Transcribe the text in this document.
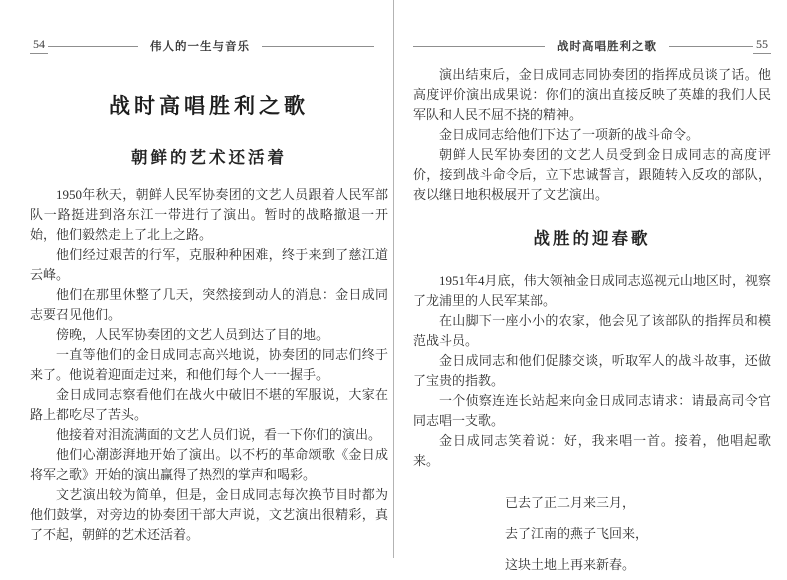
54	伟人的一生与音乐
战时高唱胜利之歌
朝鲜的艺术还活着

1950年秋天，朝鲜人民军协奏团的文艺人员跟着人民军部队一路挺进到洛东江一带进行了演出。暂时的战略撤退一开始，他们毅然走上了北上之路。

他们经过艰苦的行军，克服种种困难，终于来到了慈江道云峰。

他们在那里休整了几天，突然接到动人的消息：金日成同志要召见他们。

傍晚，人民军协奏团的文艺人员到达了目的地。

一直等他们的金日成同志高兴地说，协奏团的同志们终于来了。他说着迎面走过来，和他们每个人一一握手。

金日成同志察看他们在战火中破旧不堪的军服说，大家在路上都吃尽了苦头。

他接着对泪流满面的文艺人员们说，看一下你们的演出。

他们心潮澎湃地开始了演出。以不朽的革命颂歌《金日成将军之歌》开始的演出赢得了热烈的掌声和喝彩。

文艺演出较为简单，但是，金日成同志每次换节目时都为他们鼓掌，对旁边的协奏团干部大声说，文艺演出很精彩，真了不起，朝鲜的艺术还活着。

战时高唱胜利之歌	55

演出结束后，金日成同志同协奏团的指挥成员谈了话。他高度评价演出成果说：你们的演出直接反映了英雄的我们人民军队和人民不屈不挠的精神。

金日成同志给他们下达了一项新的战斗命令。

朝鲜人民军协奏团的文艺人员受到金日成同志的高度评价，接到战斗命令后，立下忠诚誓言，跟随转入反攻的部队，夜以继日地积极展开了文艺演出。

战胜的迎春歌

1951年4月底，伟大领袖金日成同志巡视元山地区时，视察了龙浦里的人民军某部。

在山脚下一座小小的农家，他会见了该部队的指挥员和模范战斗员。

金日成同志和他们促膝交谈，听取军人的战斗故事，还做了宝贵的指教。

一个侦察连连长站起来向金日成同志请求：请最高司令官同志唱一支歌。

金日成同志笑着说：好，我来唱一首。接着，他唱起歌来。

已去了正二月来三月，
去了江南的燕子飞回来，
这块土地上再来新春。
